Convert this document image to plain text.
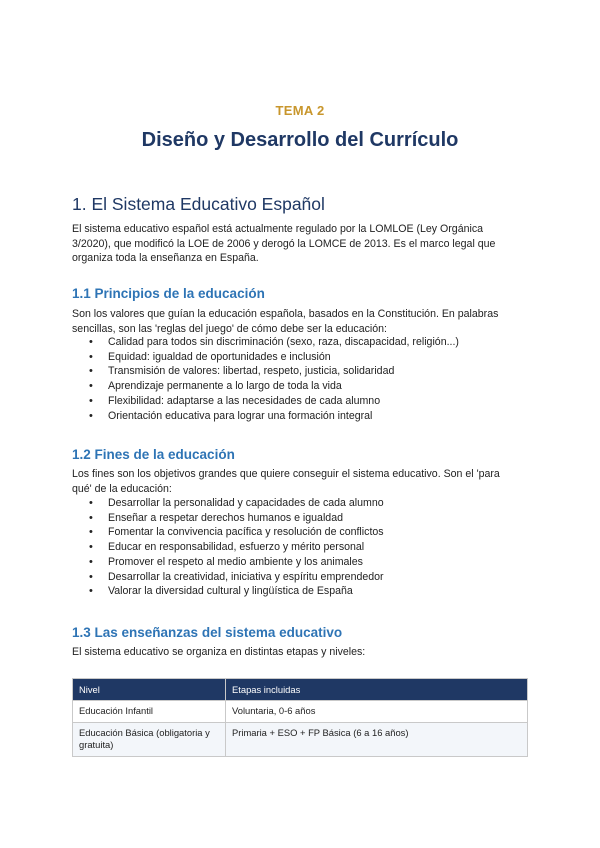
TEMA 2
Diseño y Desarrollo del Currículo
1. El Sistema Educativo Español
El sistema educativo español está actualmente regulado por la LOMLOE (Ley Orgánica
3/2020), que modificó la LOE de 2006 y derogó la LOMCE de 2013. Es el marco legal que
organiza toda la enseñanza en España.
1.1 Principios de la educación
Son los valores que guían la educación española, basados en la Constitución. En palabras
sencillas, son las 'reglas del juego' de cómo debe ser la educación:
• Calidad para todos sin discriminación (sexo, raza, discapacidad, religión...)
• Equidad: igualdad de oportunidades e inclusión
• Transmisión de valores: libertad, respeto, justicia, solidaridad
• Aprendizaje permanente a lo largo de toda la vida
• Flexibilidad: adaptarse a las necesidades de cada alumno
• Orientación educativa para lograr una formación integral
1.2 Fines de la educación
Los fines son los objetivos grandes que quiere conseguir el sistema educativo. Son el 'para
qué' de la educación:
• Desarrollar la personalidad y capacidades de cada alumno
• Enseñar a respetar derechos humanos e igualdad
• Fomentar la convivencia pacífica y resolución de conflictos
• Educar en responsabilidad, esfuerzo y mérito personal
• Promover el respeto al medio ambiente y los animales
• Desarrollar la creatividad, iniciativa y espíritu emprendedor
• Valorar la diversidad cultural y lingüística de España
1.3 Las enseñanzas del sistema educativo
El sistema educativo se organiza en distintas etapas y niveles:
Nivel	Etapas incluidas
Educación Infantil	Voluntaria, 0-6 años
Educación Básica (obligatoria y gratuita)	Primaria + ESO + FP Básica (6 a 16 años)
